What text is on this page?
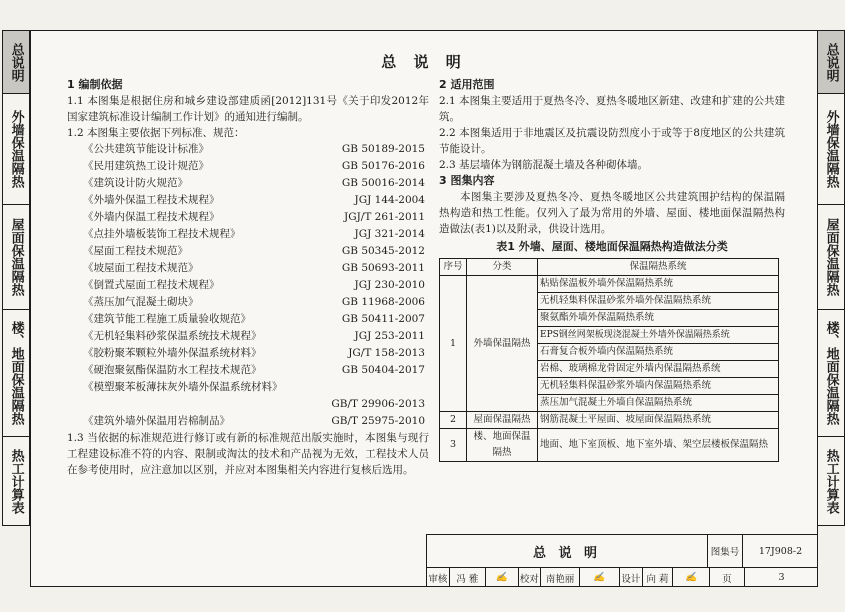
总说明
外墙保温隔热
屋面保温隔热
楼、地面保温隔热
热工计算表
总说明
外墙保温隔热
屋面保温隔热
楼、地面保温隔热
热工计算表
总 说 明
1 编制依据
1.1 本图集是根据住房和城乡建设部建质函[2012]131号《关于印发2012年国家建筑标准设计编制工作计划》的通知进行编制。
1.2 本图集主要依据下列标准、规范：
《公共建筑节能设计标准》	GB 50189-2015
《民用建筑热工设计规范》	GB 50176-2016
《建筑设计防火规范》	GB 50016-2014
《外墙外保温工程技术规程》	JGJ 144-2004
《外墙内保温工程技术规程》	JGJ/T 261-2011
《点挂外墙板装饰工程技术规程》	JGJ 321-2014
《屋面工程技术规范》	GB 50345-2012
《坡屋面工程技术规范》	GB 50693-2011
《倒置式屋面工程技术规程》	JGJ 230-2010
《蒸压加气混凝土砌块》	GB 11968-2006
《建筑节能工程施工质量验收规范》	GB 50411-2007
《无机轻集料砂浆保温系统技术规程》	JGJ 253-2011
《胶粉聚苯颗粒外墙外保温系统材料》	JG/T 158-2013
《硬泡聚氨酯保温防水工程技术规范》	GB 50404-2017
《模塑聚苯板薄抹灰外墙外保温系统材料》
GB/T 29906-2013
《建筑外墙外保温用岩棉制品》	GB/T 25975-2010
1.3 当依据的标准规范进行修订或有新的标准规范出版实施时，本图集与现行工程建设标准不符的内容、限制或淘汰的技术和产品视为无效，工程技术人员在参考使用时，应注意加以区别，并应对本图集相关内容进行复核后选用。
2 适用范围
2.1 本图集主要适用于夏热冬冷、夏热冬暖地区新建、改建和扩建的公共建筑。
2.2 本图集适用于非地震区及抗震设防烈度小于或等于8度地区的公共建筑节能设计。
2.3 基层墙体为钢筋混凝土墙及各种砌体墙。
3 图集内容
本图集主要涉及夏热冬冷、夏热冬暖地区公共建筑围护结构的保温隔热构造和热工性能。仅列入了最为常用的外墙、屋面、楼地面保温隔热构造做法(表1)以及附录，供设计选用。
表1 外墙、屋面、楼地面保温隔热构造做法分类
序号	分类	保温隔热系统
1	外墙保温隔热	粘贴保温板外墙外保温隔热系统
		无机轻集料保温砂浆外墙外保温隔热系统
		聚氨酯外墙外保温隔热系统
		EPS钢丝网架板现浇混凝土外墙外保温隔热系统
		石膏复合板外墙内保温隔热系统
		岩棉、玻璃棉龙骨固定外墙内保温隔热系统
		无机轻集料保温砂浆外墙内保温隔热系统
		蒸压加气混凝土外墙自保温隔热系统
2	屋面保温隔热	钢筋混凝土平屋面、坡屋面保温隔热系统
3	楼、地面保温隔热	地面、地下室顶板、地下室外墙、架空层楼板保温隔热
总 说 明	图集号	17J908-2
审核 冯 雅	✍	校对 南艳丽	✍	设计 向 莉	✍	页	3
